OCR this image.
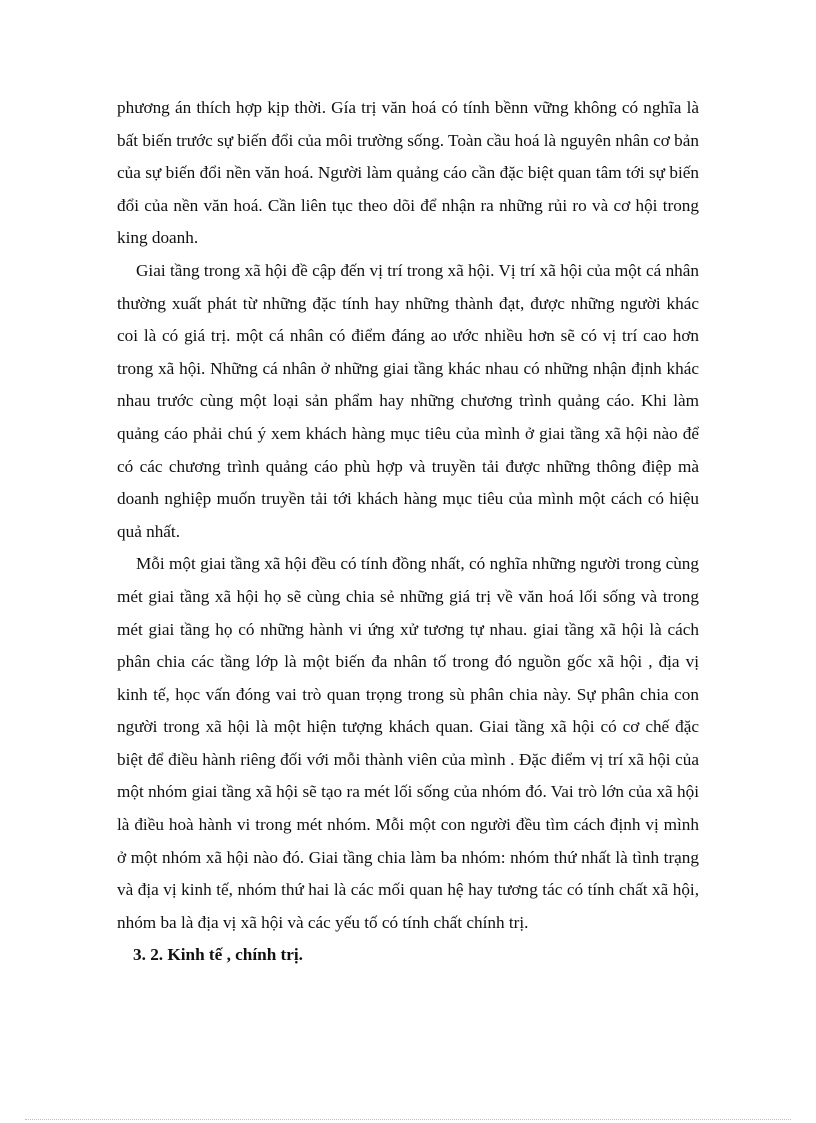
phương án thích hợp kịp thời. Gía trị văn hoá có tính bềnn vững không có nghĩa là bất biến trước sự biến đổi của môi trường sống. Toàn cầu hoá là nguyên nhân cơ bản của sự biến đổi nền văn hoá. Người làm quảng cáo cần đặc biệt quan tâm tới sự biến đổi của nền văn hoá. Cần liên tục theo dõi để nhận ra những rủi ro và cơ hội trong king doanh.

Giai tầng trong xã hội đề cập đến vị trí trong xã hội. Vị trí xã hội của một cá nhân thường xuất phát từ những đặc tính hay những thành đạt, được những người khác coi là có giá trị. một cá nhân có điểm đáng ao ước nhiều hơn sẽ có vị trí cao hơn trong xã hội. Những cá nhân ở những giai tầng khác nhau có những nhận định khác nhau trước cùng một loại sản phẩm hay những chương trình quảng cáo. Khi làm quảng cáo phải chú ý xem khách hàng mục tiêu của mình ở giai tầng xã hội nào để có các chương trình quảng cáo phù hợp và truyền tải được những thông điệp mà doanh nghiệp muốn truyền tải tới khách hàng mục tiêu của mình một cách có hiệu quả nhất.

Mỗi một giai tầng xã hội đều có tính đồng nhất, có nghĩa những người trong cùng mét giai tầng xã hội họ sẽ cùng chia sẻ những giá trị về văn hoá lối sống và trong mét giai tầng họ có những hành vi ứng xử tương tự nhau. giai tầng xã hội là cách phân chia các tầng lớp là một biến đa nhân tố trong đó nguồn gốc xã hội , địa vị kinh tế, học vấn đóng vai trò quan trọng trong sù phân chia này. Sự phân chia con người trong xã hội là một hiện tượng khách quan. Giai tầng xã hội có cơ chế đặc biệt để điều hành riêng đối với mỗi thành viên của mình . Đặc điểm vị trí xã hội của một nhóm giai tầng xã hội sẽ tạo ra mét lối sống của nhóm đó. Vai trò lớn của xã hội là điều hoà hành vi trong mét nhóm. Mỗi một con người đều tìm cách định vị mình ở một nhóm xã hội nào đó. Giai tầng chia làm ba nhóm: nhóm thứ nhất là tình trạng và địa vị kinh tế, nhóm thứ hai là các mối quan hệ hay tương tác có tính chất xã hội, nhóm ba là địa vị xã hội và các yếu tố có tính chất chính trị.

3. 2. Kinh tế , chính trị.
